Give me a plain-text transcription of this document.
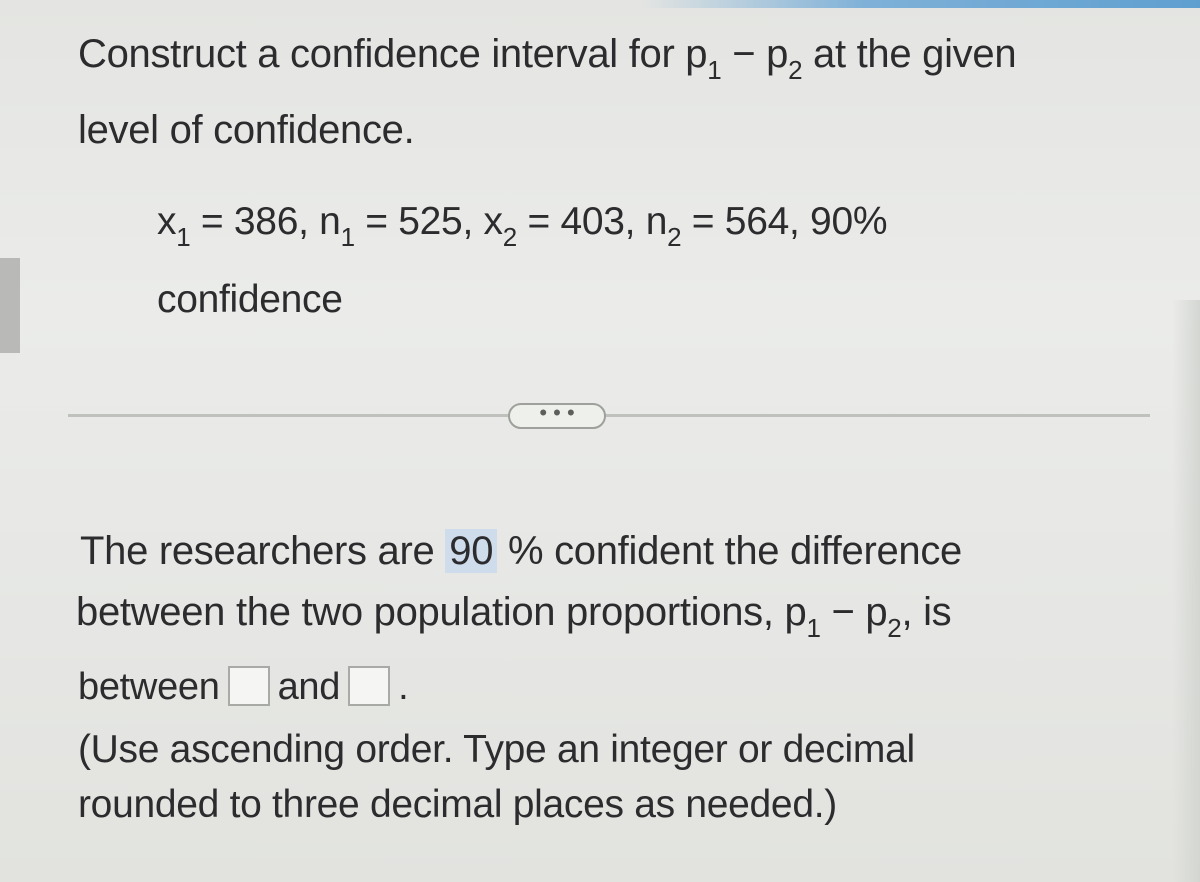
Construct a confidence interval for $p_1 - p_2$ at the given
level of confidence.
$x_1 = 386$, $n_1 = 525$, $x_2 = 403$, $n_2 = 564$, 90%
confidence
• • •
The researchers are 90 % confident the difference
between the two population proportions, $p_1 - p_2$, is
between and .
(Use ascending order. Type an integer or decimal
rounded to three decimal places as needed.)
